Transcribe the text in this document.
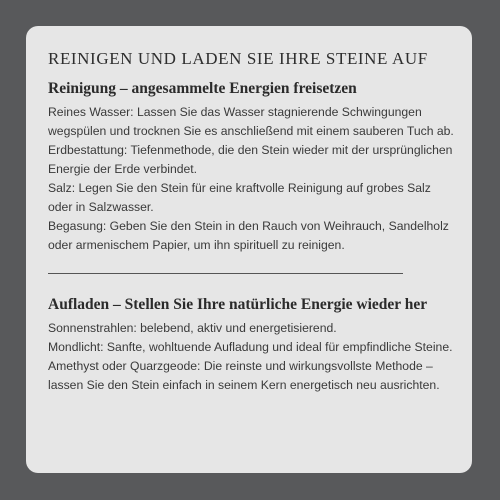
REINIGEN UND LADEN SIE IHRE STEINE AUF
Reinigung – angesammelte Energien freisetzen

Reines Wasser: Lassen Sie das Wasser stagnierende Schwingungen wegspülen und trocknen Sie es anschließend mit einem sauberen Tuch ab.

Erdbestattung: Tiefenmethode, die den Stein wieder mit der ursprünglichen Energie der Erde verbindet.

Salz: Legen Sie den Stein für eine kraftvolle Reinigung auf grobes Salz oder in Salzwasser.

Begasung: Geben Sie den Stein in den Rauch von Weihrauch, Sandelholz oder armenischem Papier, um ihn spirituell zu reinigen.

Aufladen – Stellen Sie Ihre natürliche Energie wieder her

Sonnenstrahlen: belebend, aktiv und energetisierend.

Mondlicht: Sanfte, wohltuende Aufladung und ideal für empfindliche Steine.

Amethyst oder Quarzgeode: Die reinste und wirkungsvollste Methode – lassen Sie den Stein einfach in seinem Kern energetisch neu ausrichten.
